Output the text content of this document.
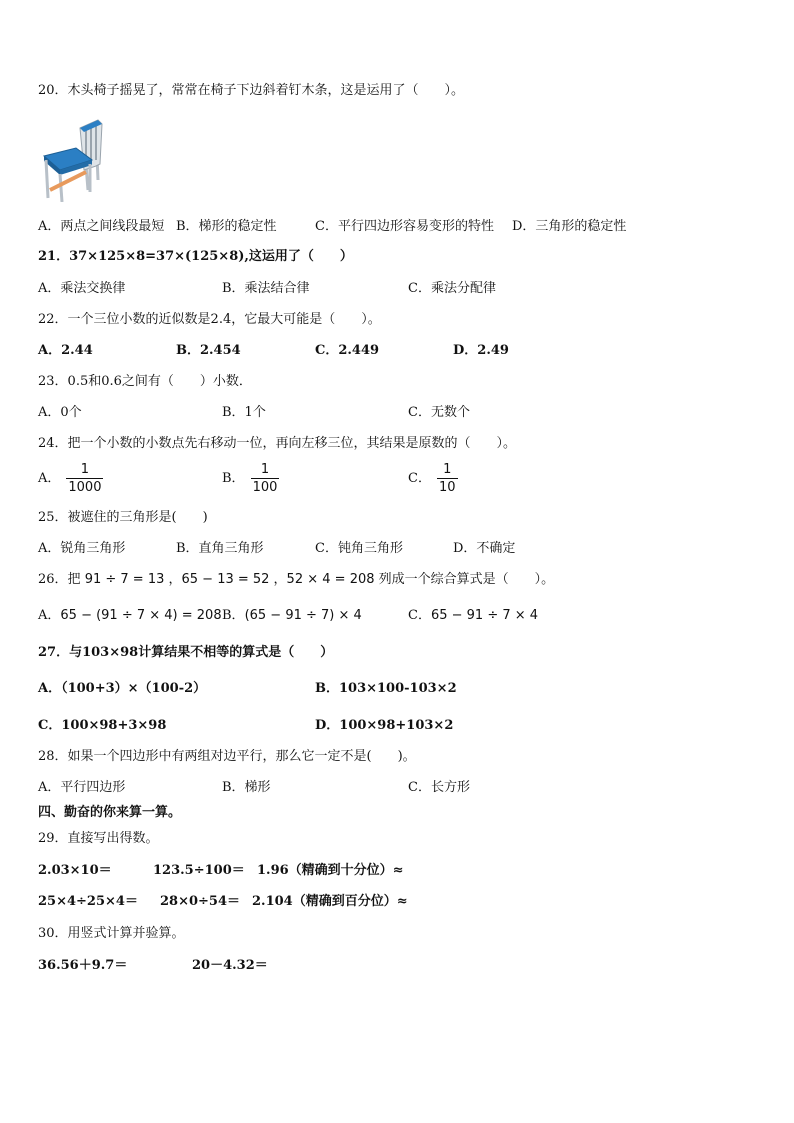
20．木头椅子摇晃了，常常在椅子下边斜着钉木条，这是运用了（　　）。
A．两点之间线段最短 B．梯形的稳定性	C．平行四边形容易变形的特性 D．三角形的稳定性
21．37×125×8=37×(125×8),这运用了（　　）
A．乘法交换律	B．乘法结合律	C．乘法分配律
22．一个三位小数的近似数是2.4，它最大可能是（　　）。
A．2.44	B．2.454	C．2.449	D．2.49
23．0.5和0.6之间有（　　）小数．
A．0个	B．1个	C．无数个
24．把一个小数的小数点先右移动一位，再向左移三位，其结果是原数的（　　）。
A． $\frac{1}{1000}$	B． $\frac{1}{100}$	C． $\frac{1}{10}$
25．被遮住的三角形是(　　)
A．锐角三角形	B．直角三角形	C．钝角三角形	D．不确定
26．把 91 ÷ 7 = 13 ，65 − 13 = 52 ，52 × 4 = 208 列成一个综合算式是（　　）。
A．65 − (91 ÷ 7 × 4) = 208 B．(65 − 91 ÷ 7) × 4	C．65 − 91 ÷ 7 × 4
27．与103×98计算结果不相等的算式是（　　）
A．（100+3）×（100-2）	B．103×100-103×2
C．100×98+3×98	D．100×98+103×2
28．如果一个四边形中有两组对边平行，那么它一定不是(　　)。
A．平行四边形	B．梯形	C．长方形
四、勤奋的你来算一算。
29．直接写出得数。
2.03×10＝	123.5÷100＝ 1.96（精确到十分位）≈
25×4÷25×4＝ 28×0÷54＝ 2.104（精确到百分位）≈
30．用竖式计算并验算。
36.56＋9.7＝	20－4.32＝
